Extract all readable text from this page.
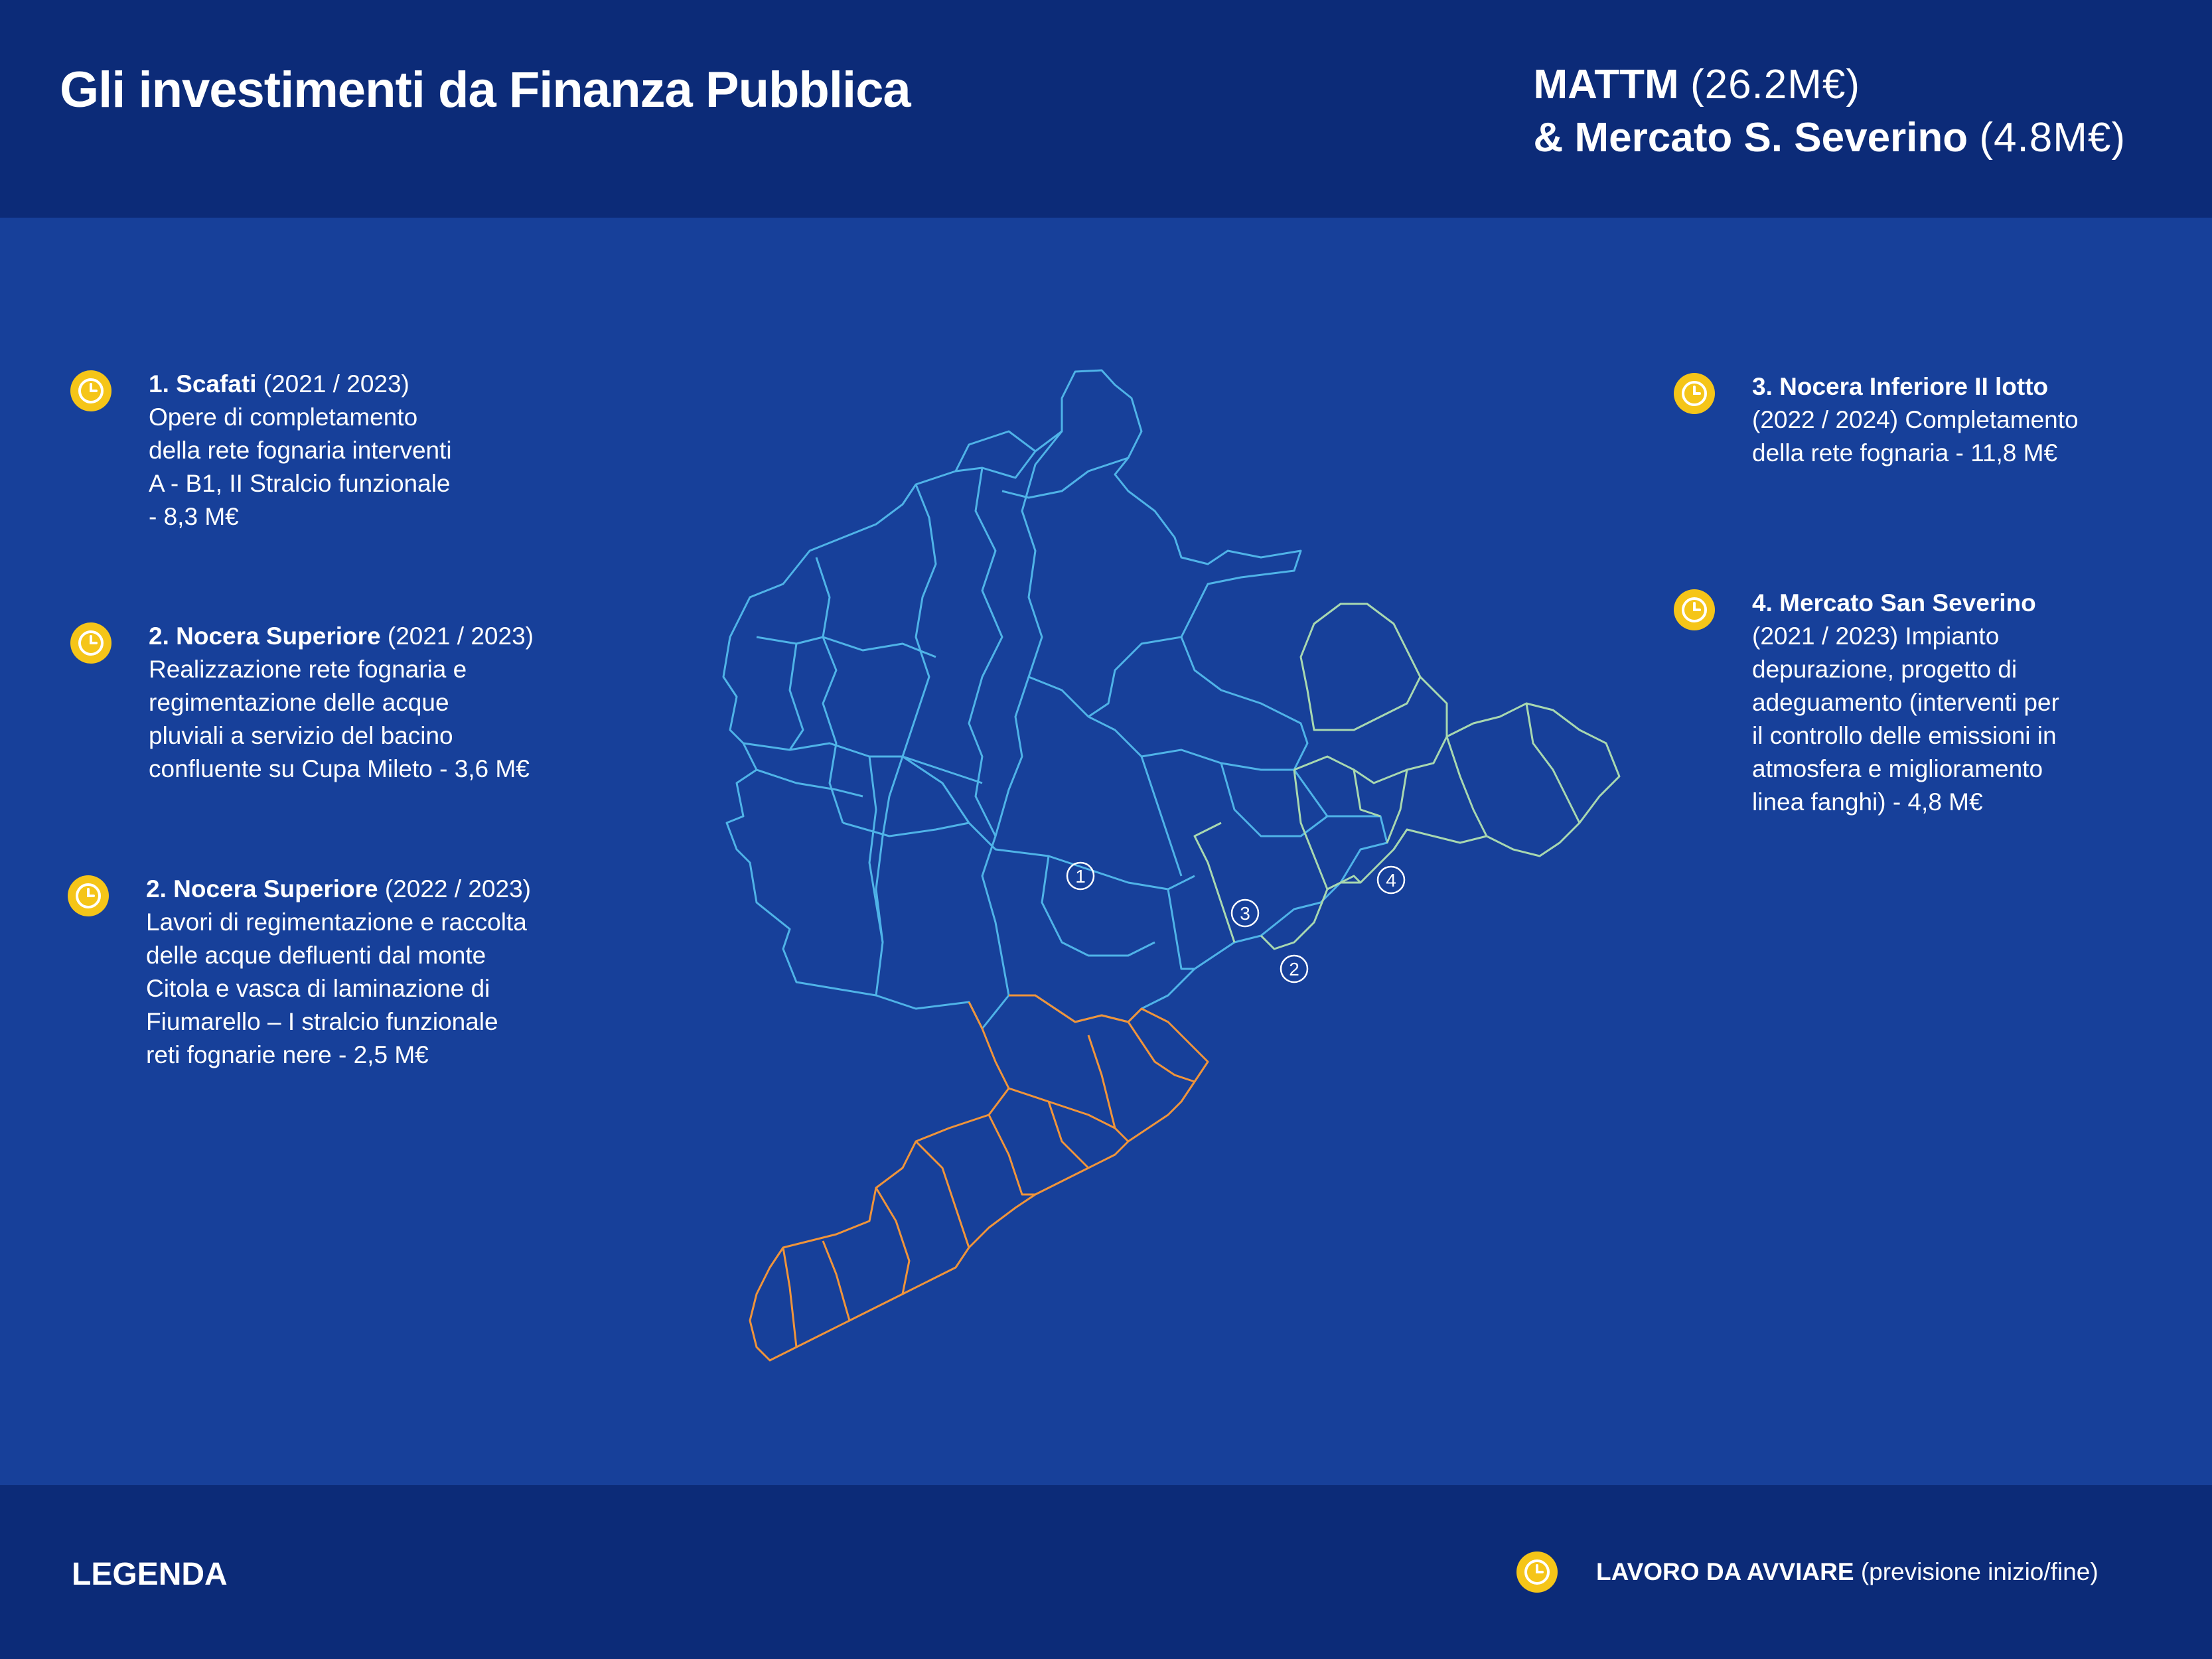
Gli investimenti da Finanza Pubblica	MATTM (26.2M€)
& Mercato S. Severino (4.8M€)
1. Scafati (2021 / 2023)
Opere di completamento
della rete fognaria interventi
A - B1, II Stralcio funzionale
- 8,3 M€
2. Nocera Superiore (2021 / 2023)
Realizzazione rete fognaria e
regimentazione delle acque
pluviali a servizio del bacino
confluente su Cupa Mileto - 3,6 M€
2. Nocera Superiore (2022 / 2023)
Lavori di regimentazione e raccolta
delle acque defluenti dal monte
Citola e vasca di laminazione di
Fiumarello – I stralcio funzionale
reti fognarie nere - 2,5 M€
3. Nocera Inferiore II lotto
(2022 / 2024) Completamento
della rete fognaria - 11,8 M€
4. Mercato San Severino
(2021 / 2023) Impianto
depurazione, progetto di
adeguamento (interventi per
il controllo delle emissioni in
atmosfera e miglioramento
linea fanghi) - 4,8 M€
1
2
3
4
LEGENDA	LAVORO DA AVVIARE (previsione inizio/fine)
